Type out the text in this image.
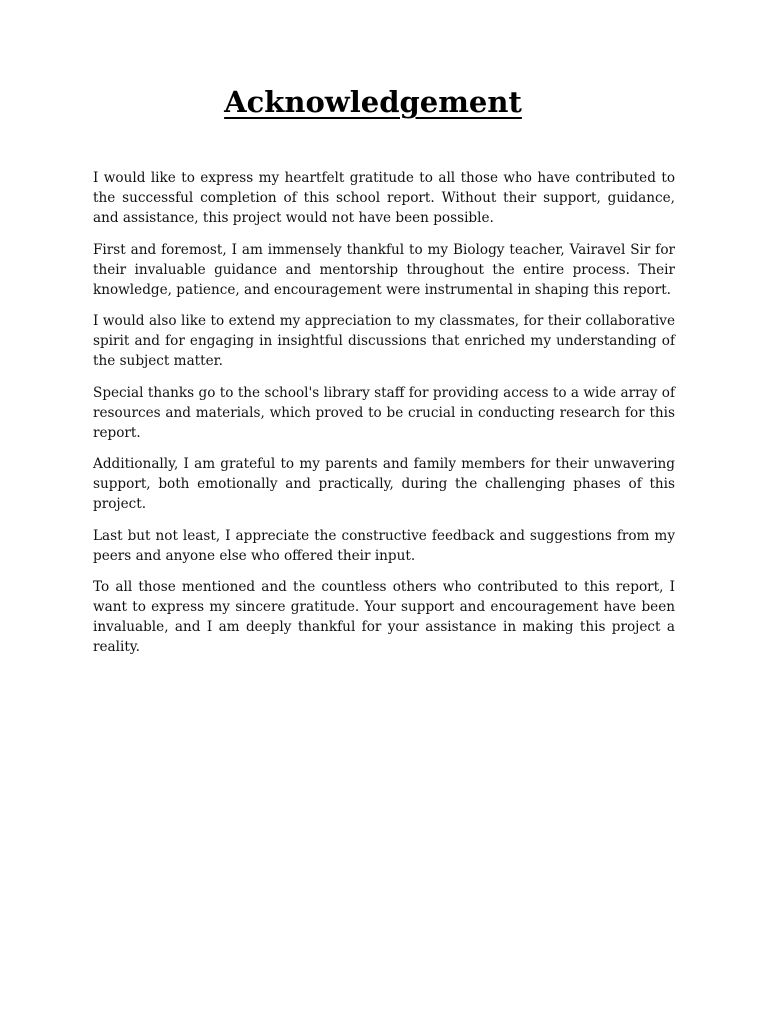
Acknowledgement

I would like to express my heartfelt gratitude to all those who have contributed to the successful completion of this school report. Without their support, guidance, and assistance, this project would not have been possible.

First and foremost, I am immensely thankful to my Biology teacher, Vairavel Sir for their invaluable guidance and mentorship throughout the entire process. Their knowledge, patience, and encouragement were instrumental in shaping this report.

I would also like to extend my appreciation to my classmates, for their collaborative spirit and for engaging in insightful discussions that enriched my understanding of the subject matter.

Special thanks go to the school's library staff for providing access to a wide array of resources and materials, which proved to be crucial in conducting research for this report.

Additionally, I am grateful to my parents and family members for their unwavering support, both emotionally and practically, during the challenging phases of this project.

Last but not least, I appreciate the constructive feedback and suggestions from my peers and anyone else who offered their input.

To all those mentioned and the countless others who contributed to this report, I want to express my sincere gratitude. Your support and encouragement have been invaluable, and I am deeply thankful for your assistance in making this project a reality.
